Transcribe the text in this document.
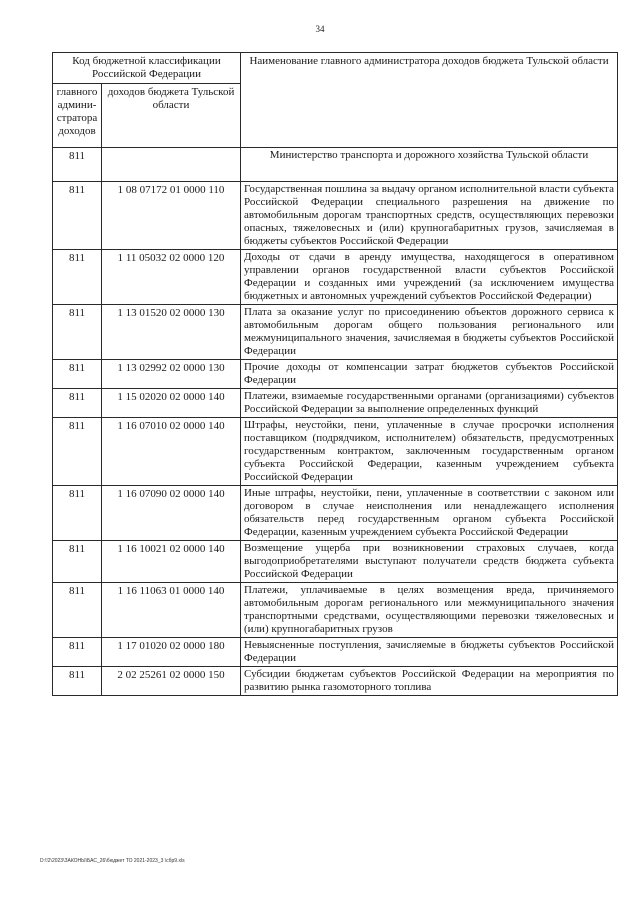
34
Код бюджетной классификации Российской Федерации		Наименование главного администратора доходов бюджета Тульской области
главного админи-стратора доходов	доходов бюджета Тульской области	
811		Министерство транспорта и дорожного хозяйства Тульской области
811	1 08 07172 01 0000 110	Государственная пошлина за выдачу органом исполнительной власти субъекта Российской Федерации специального разрешения на движение по автомобильным дорогам транспортных средств, осуществляющих перевозки опасных, тяжеловесных и (или) крупногабаритных грузов, зачисляемая в бюджеты субъектов Российской Федерации
811	1 11 05032 02 0000 120	Доходы от сдачи в аренду имущества, находящегося в оперативном управлении органов государственной власти субъектов Российской Федерации и созданных ими учреждений (за исключением имущества бюджетных и автономных учреждений субъектов Российской Федерации)
811	1 13 01520 02 0000 130	Плата за оказание услуг по присоединению объектов дорожного сервиса к автомобильным дорогам общего пользования регионального или межмуниципального значения, зачисляемая в бюджеты субъектов Российской Федерации
811	1 13 02992 02 0000 130	Прочие доходы от компенсации затрат бюджетов субъектов Российской Федерации
811	1 15 02020 02 0000 140	Платежи, взимаемые государственными органами (организациями) субъектов Российской Федерации за выполнение определенных функций
811	1 16 07010 02 0000 140	Штрафы, неустойки, пени, уплаченные в случае просрочки исполнения поставщиком (подрядчиком, исполнителем) обязательств, предусмотренных государственным контрактом, заключенным государственным органом субъекта Российской Федерации, казенным учреждением субъекта Российской Федерации
811	1 16 07090 02 0000 140	Иные штрафы, неустойки, пени, уплаченные в соответствии с законом или договором в случае неисполнения или ненадлежащего исполнения обязательств перед государственным органом субъекта Российской Федерации, казенным учреждением субъекта Российской Федерации
811	1 16 10021 02 0000 140	Возмещение ущерба при возникновении страховых случаев, когда выгодоприобретателями выступают получатели средств бюджета субъекта Российской Федерации
811	1 16 11063 01 0000 140	Платежи, уплачиваемые в целях возмещения вреда, причиняемого автомобильным дорогам регионального или межмуниципального значения транспортными средствами, осуществляющими перевозки тяжеловесных и (или) крупногабаритных грузов
811	1 17 01020 02 0000 180	Невыясненные поступления, зачисляемые в бюджеты субъектов Российской Федерации
811	2 02 25261 02 0000 150	Субсидии бюджетам субъектов Российской Федерации на мероприятия по развитию рынка газомоторного топлива
D:\!2\2023\ЗАКОНЫ\БАС_26\бюджет ТО 2021-2023_3 \сбр9.xls
